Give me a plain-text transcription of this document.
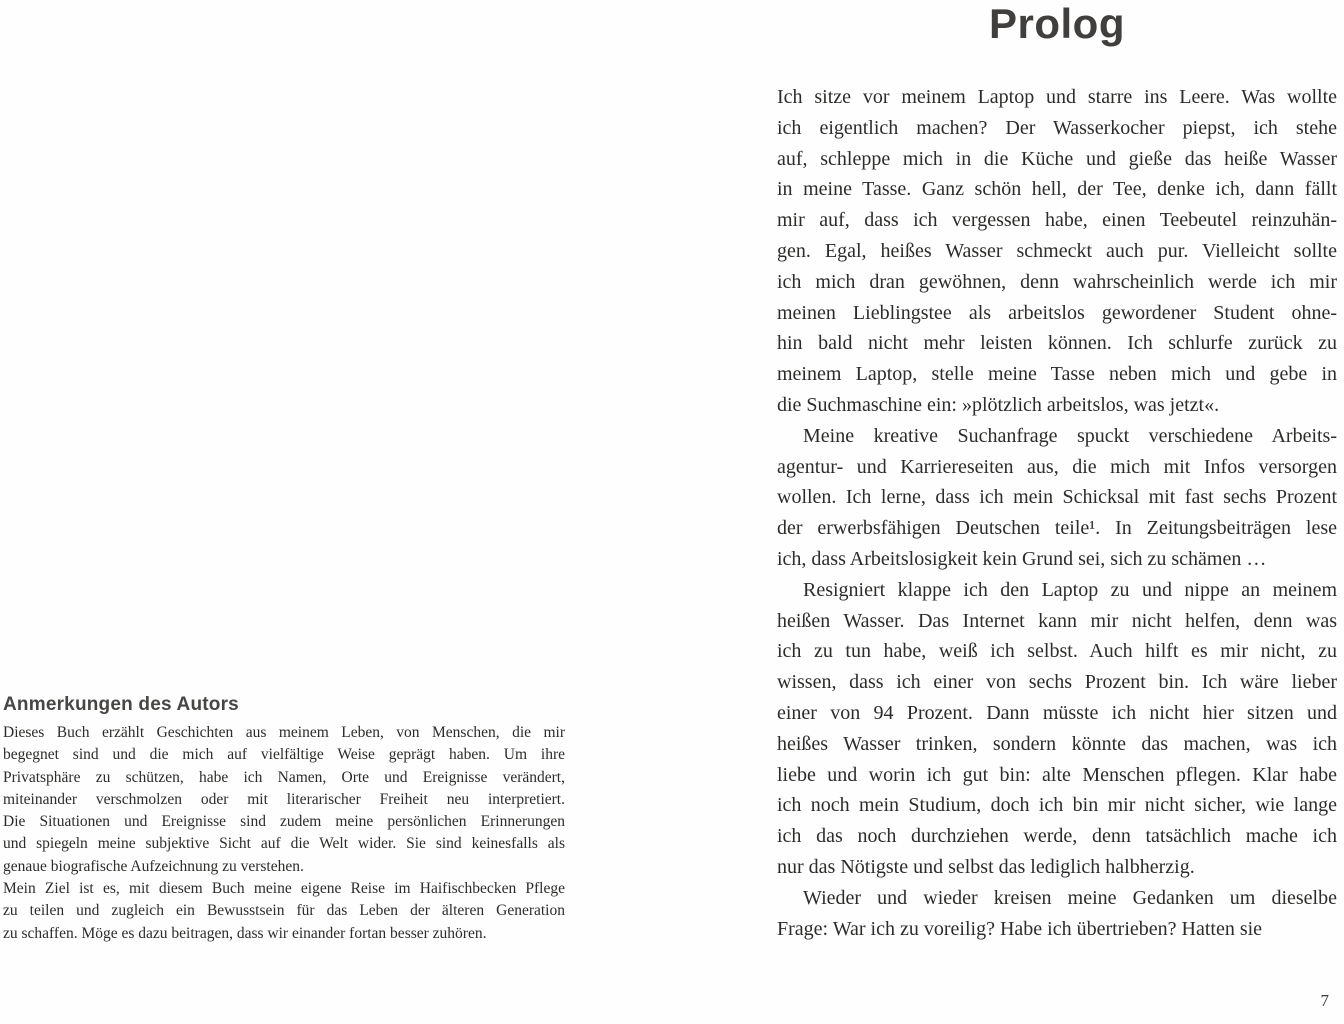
Anmerkungen des Autors
Dieses Buch erzählt Geschichten aus meinem Leben, von Menschen, die mir
begegnet sind und die mich auf vielfältige Weise geprägt haben. Um ihre
Privatsphäre zu schützen, habe ich Namen, Orte und Ereignisse verändert,
miteinander verschmolzen oder mit literarischer Freiheit neu interpretiert.
Die Situationen und Ereignisse sind zudem meine persönlichen Erinnerungen
und spiegeln meine subjektive Sicht auf die Welt wider. Sie sind keinesfalls als
genaue biografische Aufzeichnung zu verstehen.
Mein Ziel ist es, mit diesem Buch meine eigene Reise im Haifischbecken Pflege
zu teilen und zugleich ein Bewusstsein für das Leben der älteren Generation
zu schaffen. Möge es dazu beitragen, dass wir einander fortan besser zuhören.
Prolog
Ich sitze vor meinem Laptop und starre ins Leere. Was wollte
ich eigentlich machen? Der Wasserkocher piepst, ich stehe
auf, schleppe mich in die Küche und gieße das heiße Wasser
in meine Tasse. Ganz schön hell, der Tee, denke ich, dann fällt
mir auf, dass ich vergessen habe, einen Teebeutel reinzuhän-
gen. Egal, heißes Wasser schmeckt auch pur. Vielleicht sollte
ich mich dran gewöhnen, denn wahrscheinlich werde ich mir
meinen Lieblingstee als arbeitslos gewordener Student ohne-
hin bald nicht mehr leisten können. Ich schlurfe zurück zu
meinem Laptop, stelle meine Tasse neben mich und gebe in
die Suchmaschine ein: »plötzlich arbeitslos, was jetzt«.
Meine kreative Suchanfrage spuckt verschiedene Arbeits-
agentur- und Karriereseiten aus, die mich mit Infos versorgen
wollen. Ich lerne, dass ich mein Schicksal mit fast sechs Prozent
der erwerbsfähigen Deutschen teile¹. In Zeitungsbeiträgen lese
ich, dass Arbeitslosigkeit kein Grund sei, sich zu schämen …
Resigniert klappe ich den Laptop zu und nippe an meinem
heißen Wasser. Das Internet kann mir nicht helfen, denn was
ich zu tun habe, weiß ich selbst. Auch hilft es mir nicht, zu
wissen, dass ich einer von sechs Prozent bin. Ich wäre lieber
einer von 94 Prozent. Dann müsste ich nicht hier sitzen und
heißes Wasser trinken, sondern könnte das machen, was ich
liebe und worin ich gut bin: alte Menschen pflegen. Klar habe
ich noch mein Studium, doch ich bin mir nicht sicher, wie lange
ich das noch durchziehen werde, denn tatsächlich mache ich
nur das Nötigste und selbst das lediglich halbherzig.
Wieder und wieder kreisen meine Gedanken um dieselbe
Frage: War ich zu voreilig? Habe ich übertrieben? Hatten sie
7
